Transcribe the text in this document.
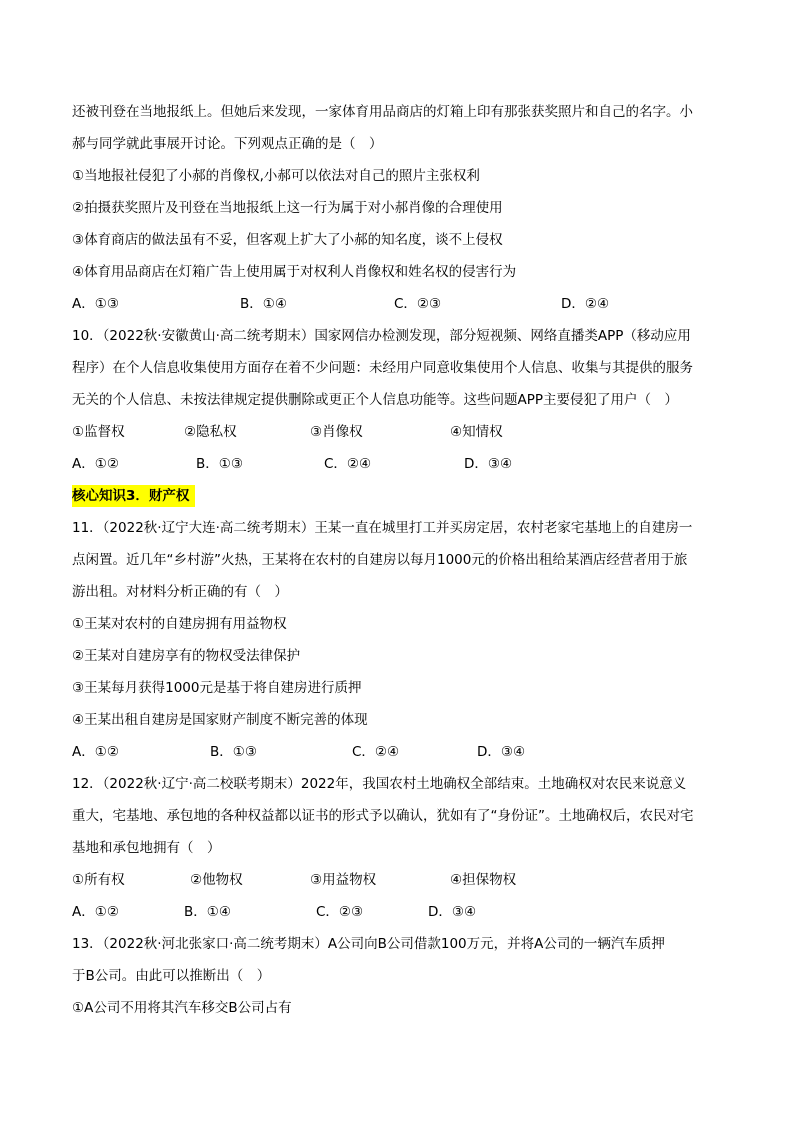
还被刊登在当地报纸上。但她后来发现，一家体育用品商店的灯箱上印有那张获奖照片和自己的名字。小
郝与同学就此事展开讨论。下列观点正确的是（　）
①当地报社侵犯了小郝的肖像权,小郝可以依法对自己的照片主张权利
②拍摄获奖照片及刊登在当地报纸上这一行为属于对小郝肖像的合理使用
③体育商店的做法虽有不妥，但客观上扩大了小郝的知名度，谈不上侵权
④体育用品商店在灯箱广告上使用属于对权利人肖像权和姓名权的侵害行为
A．①③	B．①④	C．②③	D．②④
10．（2022秋·安徽黄山·高二统考期末）国家网信办检测发现，部分短视频、网络直播类APP（移动应用
程序）在个人信息收集使用方面存在着不少问题：未经用户同意收集使用个人信息、收集与其提供的服务
无关的个人信息、未按法律规定提供删除或更正个人信息功能等。这些问题APP主要侵犯了用户（　）
①监督权	②隐私权	③肖像权	④知情权
A．①②	B．①③	C．②④	D．③④
核心知识3．财产权
11．（2022秋·辽宁大连·高二统考期末）王某一直在城里打工并买房定居，农村老家宅基地上的自建房一
点闲置。近几年“乡村游”火热，王某将在农村的自建房以每月1000元的价格出租给某酒店经营者用于旅
游出租。对材料分析正确的有（　）
①王某对农村的自建房拥有用益物权
②王某对自建房享有的物权受法律保护
③王某每月获得1000元是基于将自建房进行质押
④王某出租自建房是国家财产制度不断完善的体现
A．①②	B．①③	C．②④	D．③④
12．（2022秋·辽宁·高二校联考期末）2022年，我国农村土地确权全部结束。土地确权对农民来说意义
重大，宅基地、承包地的各种权益都以证书的形式予以确认，犹如有了“身份证”。土地确权后，农民对宅
基地和承包地拥有（　）
①所有权	②他物权	③用益物权	④担保物权
A．①②	B．①④	C．②③	D．③④
13．（2022秋·河北张家口·高二统考期末）A公司向B公司借款100万元，并将A公司的一辆汽车质押
于B公司。由此可以推断出（　）
①A公司不用将其汽车移交B公司占有
